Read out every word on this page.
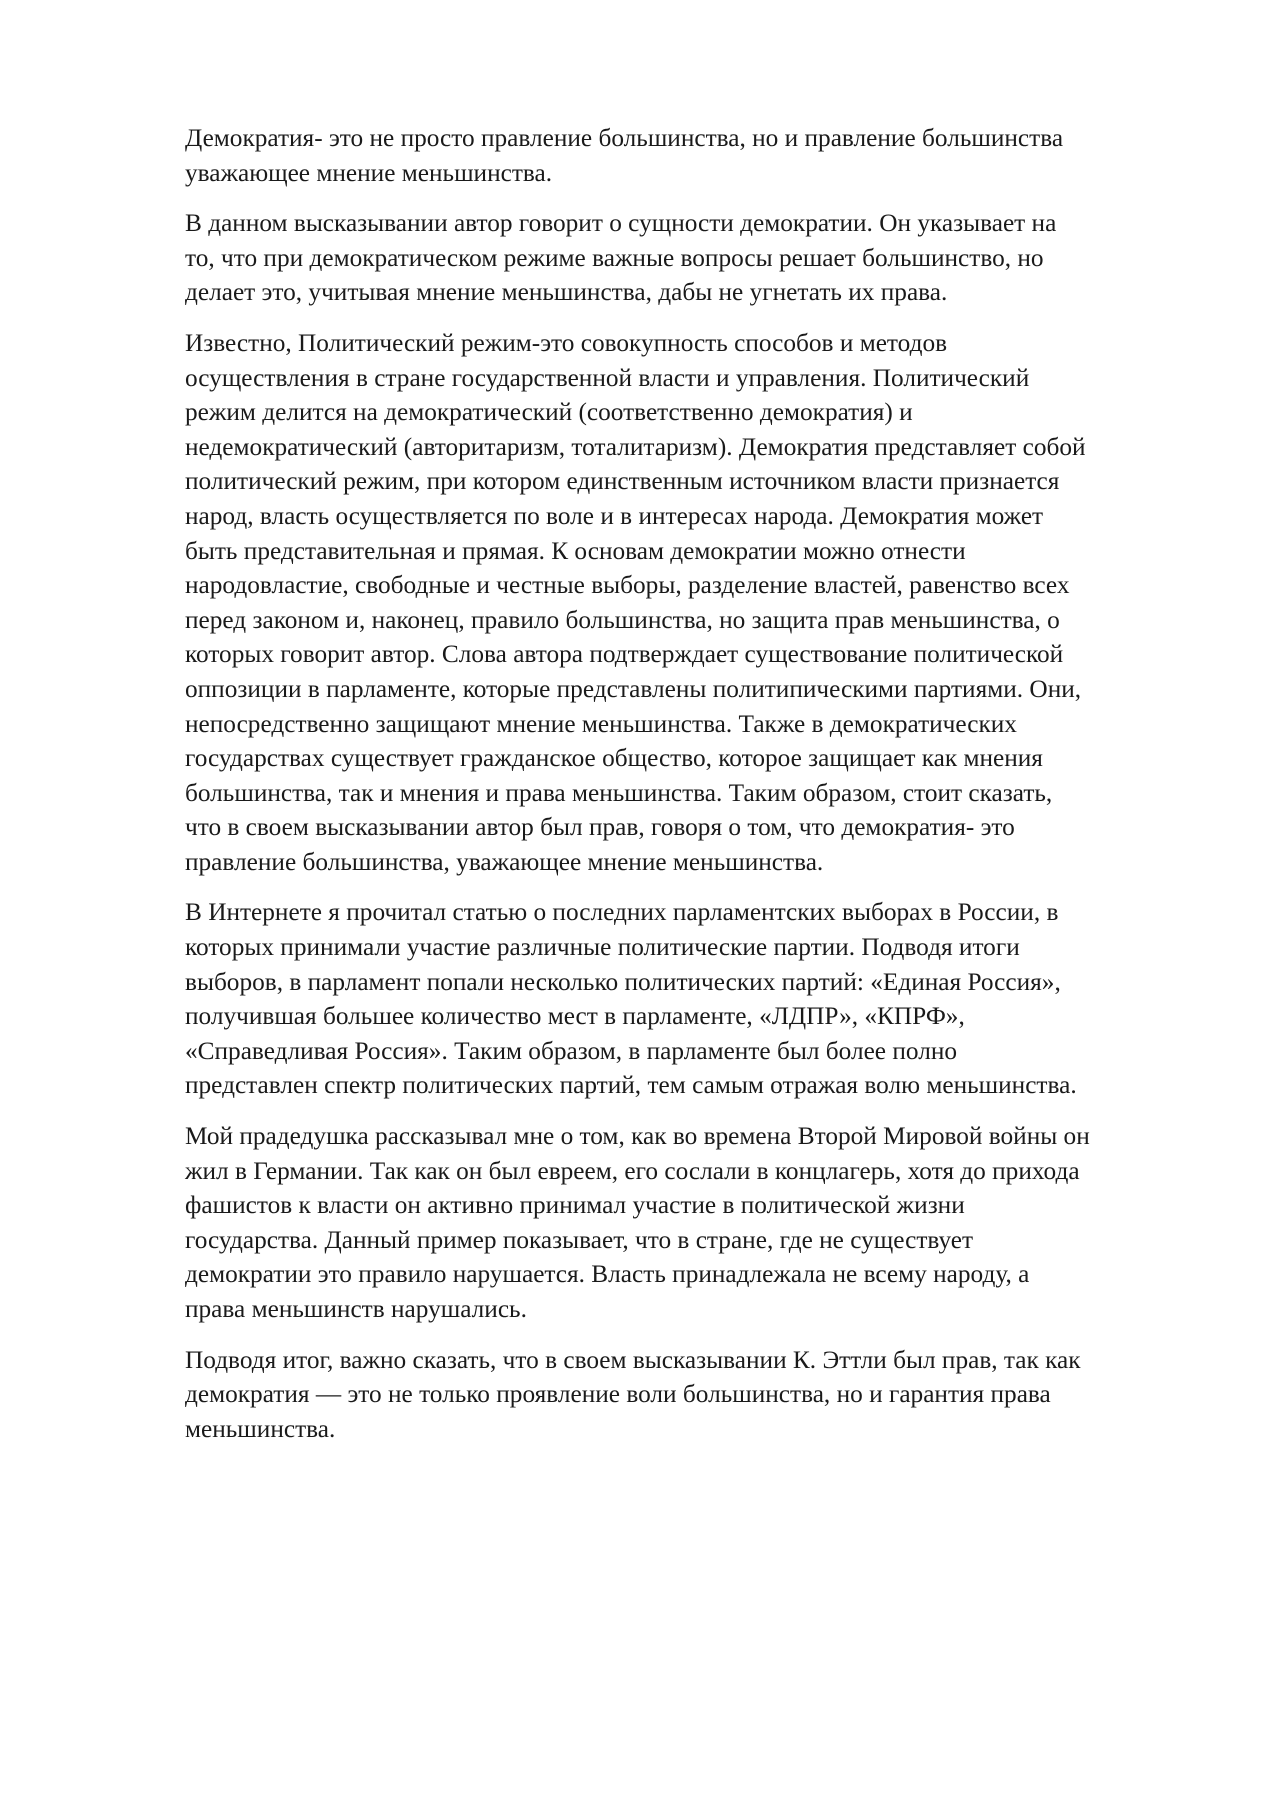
Демократия- это не просто правление большинства, но и правление большинства
уважающее мнение меньшинства.

В данном высказывании автор говорит о сущности демократии. Он указывает на
то, что при демократическом режиме важные вопросы решает большинство, но
делает это, учитывая мнение меньшинства, дабы не угнетать их права.

Известно, Политический режим-это совокупность способов и методов
осуществления в стране государственной власти и управления. Политический
режим делится на демократический (соответственно демократия) и
недемократический (авторитаризм, тоталитаризм). Демократия представляет собой
политический режим, при котором единственным источником власти признается
народ, власть осуществляется по воле и в интересах народа. Демократия может
быть представительная и прямая. К основам демократии можно отнести
народовластие, свободные и честные выборы, разделение властей, равенство всех
перед законом и, наконец, правило большинства, но защита прав меньшинства, о
которых говорит автор. Слова автора подтверждает существование политической
оппозиции в парламенте, которые представлены политипическими партиями. Они,
непосредственно защищают мнение меньшинства. Также в демократических
государствах существует гражданское общество, которое защищает как мнения
большинства, так и мнения и права меньшинства. Таким образом, стоит сказать,
что в своем высказывании автор был прав, говоря о том, что демократия- это
правление большинства, уважающее мнение меньшинства.

В Интернете я прочитал статью о последних парламентских выборах в России, в
которых принимали участие различные политические партии. Подводя итоги
выборов, в парламент попали несколько политических партий: «Единая Россия»,
получившая большее количество мест в парламенте, «ЛДПР», «КПРФ»,
«Справедливая Россия». Таким образом, в парламенте был более полно
представлен спектр политических партий, тем самым отражая волю меньшинства.

Мой прадедушка рассказывал мне о том, как во времена Второй Мировой войны он
жил в Германии. Так как он был евреем, его сослали в концлагерь, хотя до прихода
фашистов к власти он активно принимал участие в политической жизни
государства. Данный пример показывает, что в стране, где не существует
демократии это правило нарушается. Власть принадлежала не всему народу, а
права меньшинств нарушались.

Подводя итог, важно сказать, что в своем высказывании К. Эттли был прав, так как
демократия — это не только проявление воли большинства, но и гарантия права
меньшинства.
